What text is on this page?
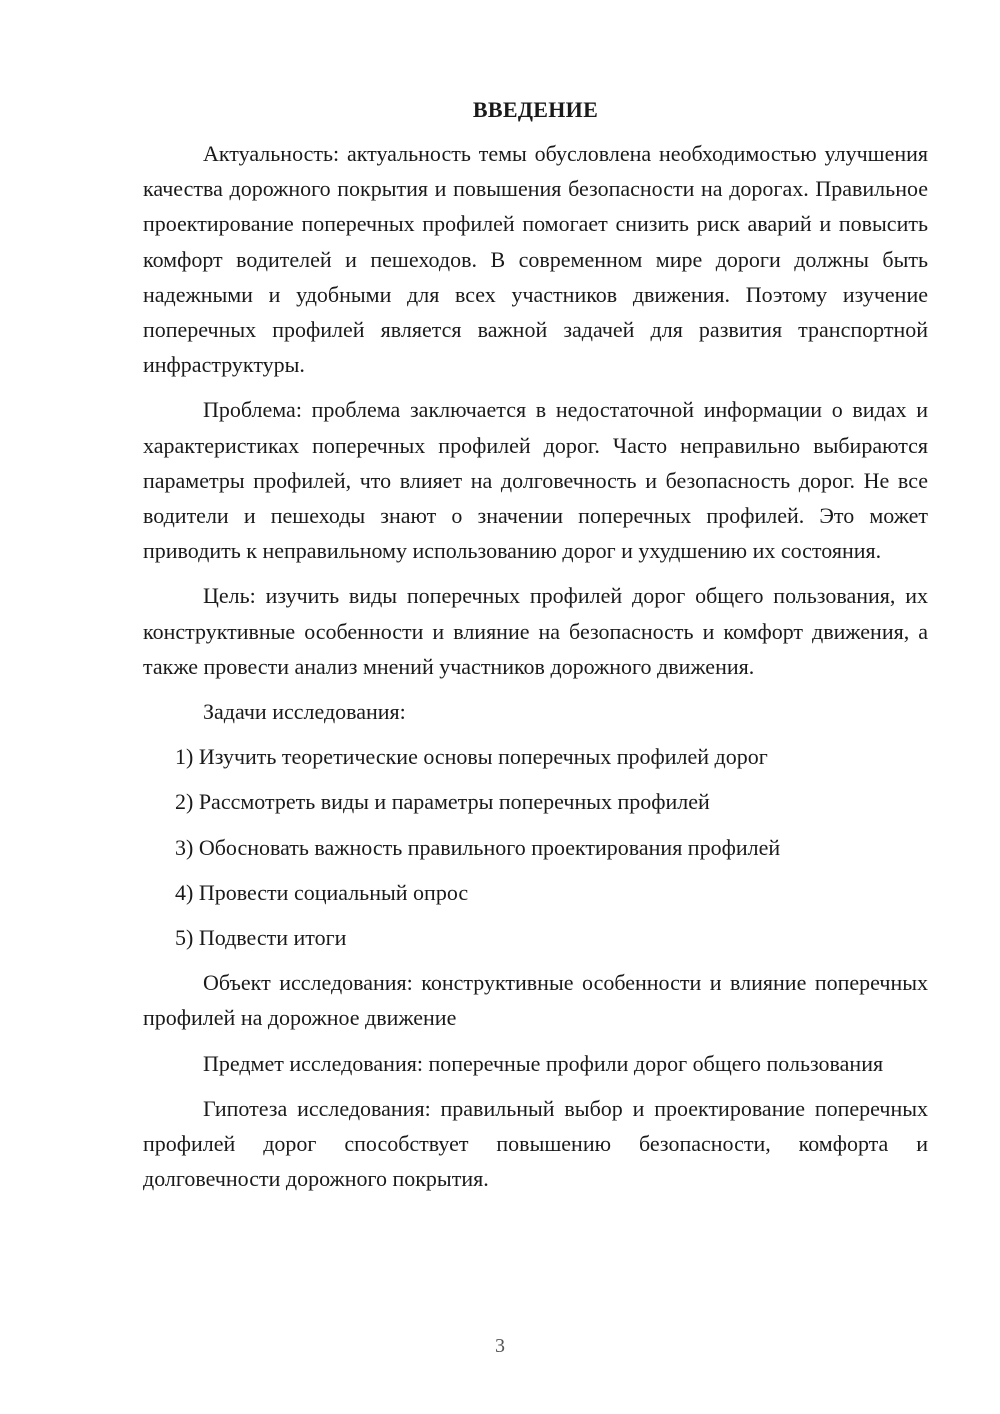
ВВЕДЕНИЕ

Актуальность: актуальность темы обусловлена необходимостью улучшения качества дорожного покрытия и повышения безопасности на дорогах. Правильное проектирование поперечных профилей помогает снизить риск аварий и повысить комфорт водителей и пешеходов. В современном мире дороги должны быть надежными и удобными для всех участников движения. Поэтому изучение поперечных профилей является важной задачей для развития транспортной инфраструктуры.

Проблема: проблема заключается в недостаточной информации о видах и характеристиках поперечных профилей дорог. Часто неправильно выбираются параметры профилей, что влияет на долговечность и безопасность дорог. Не все водители и пешеходы знают о значении поперечных профилей. Это может приводить к неправильному использованию дорог и ухудшению их состояния.

Цель: изучить виды поперечных профилей дорог общего пользования, их конструктивные особенности и влияние на безопасность и комфорт движения, а также провести анализ мнений участников дорожного движения.

Задачи исследования:

1) Изучить теоретические основы поперечных профилей дорог
2) Рассмотреть виды и параметры поперечных профилей
3) Обосновать важность правильного проектирования профилей
4) Провести социальный опрос
5) Подвести итоги

Объект исследования: конструктивные особенности и влияние поперечных профилей на дорожное движение

Предмет исследования: поперечные профили дорог общего пользования

Гипотеза исследования: правильный выбор и проектирование поперечных профилей дорог способствует повышению безопасности, комфорта и долговечности дорожного покрытия.

3
